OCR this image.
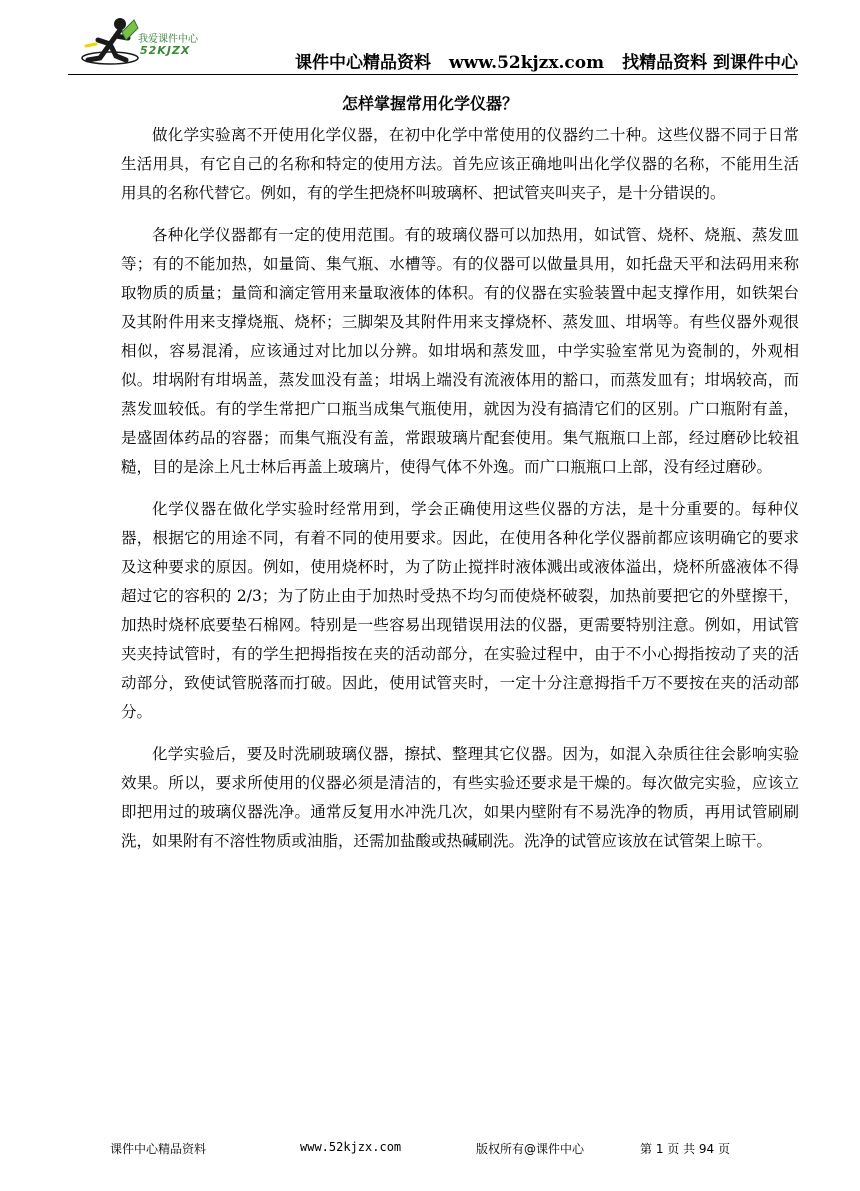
我爱课件中心
52KJZX
课件中心精品资料 www.52kjzx.com 找精品资料 到课件中心
怎样掌握常用化学仪器？

做化学实验离不开使用化学仪器，在初中化学中常使用的仪器约二十种。这些仪器不同于日常生活用具，有它自己的名称和特定的使用方法。首先应该正确地叫出化学仪器的名称，不能用生活用具的名称代替它。例如，有的学生把烧杯叫玻璃杯、把试管夹叫夹子，是十分错误的。

各种化学仪器都有一定的使用范围。有的玻璃仪器可以加热用，如试管、烧杯、烧瓶、蒸发皿等；有的不能加热，如量筒、集气瓶、水槽等。有的仪器可以做量具用，如托盘天平和法码用来称取物质的质量；量筒和滴定管用来量取液体的体积。有的仪器在实验装置中起支撑作用，如铁架台及其附件用来支撑烧瓶、烧杯；三脚架及其附件用来支撑烧杯、蒸发皿、坩埚等。有些仪器外观很相似，容易混淆，应该通过对比加以分辨。如坩埚和蒸发皿，中学实验室常见为瓷制的，外观相似。坩埚附有坩埚盖，蒸发皿没有盖；坩埚上端没有流液体用的豁口，而蒸发皿有；坩埚较高，而蒸发皿较低。有的学生常把广口瓶当成集气瓶使用，就因为没有搞清它们的区别。广口瓶附有盖，是盛固体药品的容器；而集气瓶没有盖，常跟玻璃片配套使用。集气瓶瓶口上部，经过磨砂比较祖糙，目的是涂上凡士林后再盖上玻璃片，使得气体不外逸。而广口瓶瓶口上部，没有经过磨砂。

化学仪器在做化学实验时经常用到，学会正确使用这些仪器的方法，是十分重要的。每种仪器，根据它的用途不同，有着不同的使用要求。因此，在使用各种化学仪器前都应该明确它的要求及这种要求的原因。例如，使用烧杯时，为了防止搅拌时液体溅出或液体溢出，烧杯所盛液体不得超过它的容积的 2/3；为了防止由于加热时受热不均匀而使烧杯破裂，加热前要把它的外壁擦干，加热时烧杯底要垫石棉网。特别是一些容易出现错误用法的仪器，更需要特别注意。例如，用试管夹夹持试管时，有的学生把拇指按在夹的活动部分，在实验过程中，由于不小心拇指按动了夹的活动部分，致使试管脱落而打破。因此，使用试管夹时，一定十分注意拇指千万不要按在夹的活动部分。

化学实验后，要及时洗刷玻璃仪器，擦拭、整理其它仪器。因为，如混入杂质往往会影响实验效果。所以，要求所使用的仪器必须是清洁的，有些实验还要求是干燥的。每次做完实验，应该立即把用过的玻璃仪器洗净。通常反复用水冲洗几次，如果内壁附有不易洗净的物质，再用试管刷刷洗，如果附有不溶性物质或油脂，还需加盐酸或热碱刷洗。洗净的试管应该放在试管架上晾干。

课件中心精品资料	www.52kjzx.com	版权所有@课件中心	第 1 页 共 94 页
